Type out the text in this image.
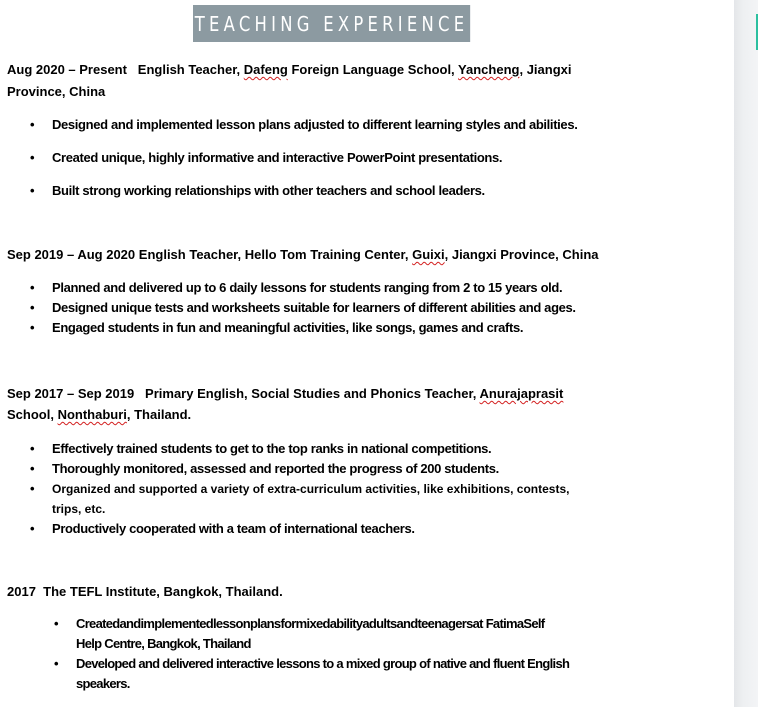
TEACHING EXPERIENCE
Aug 2020 – Present English Teacher, Dafeng Foreign Language School, Yancheng, Jiangxi
Province, China
• Designed and implemented lesson plans adjusted to different learning styles and abilities.
• Created unique, highly informative and interactive PowerPoint presentations.
• Built strong working relationships with other teachers and school leaders.
Sep 2019 – Aug 2020 English Teacher, Hello Tom Training Center, Guixi, Jiangxi Province, China
• Planned and delivered up to 6 daily lessons for students ranging from 2 to 15 years old.
• Designed unique tests and worksheets suitable for learners of different abilities and ages.
• Engaged students in fun and meaningful activities, like songs, games and crafts.
Sep 2017 – Sep 2019 Primary English, Social Studies and Phonics Teacher, Anurajaprasit
School, Nonthaburi, Thailand.
• Effectively trained students to get to the top ranks in national competitions.
• Thoroughly monitored, assessed and reported the progress of 200 students.
• Organized and supported a variety of extra-curriculum activities, like exhibitions, contests,
trips, etc.
• Productively cooperated with a team of international teachers.
2017 The TEFL Institute, Bangkok, Thailand.
• Createdandimplementedlessonplansformixedabilityadultsandteenagersat FatimaSelf
Help Centre, Bangkok, Thailand
• Developed and delivered interactive lessons to a mixed group of native and fluent English
speakers.
